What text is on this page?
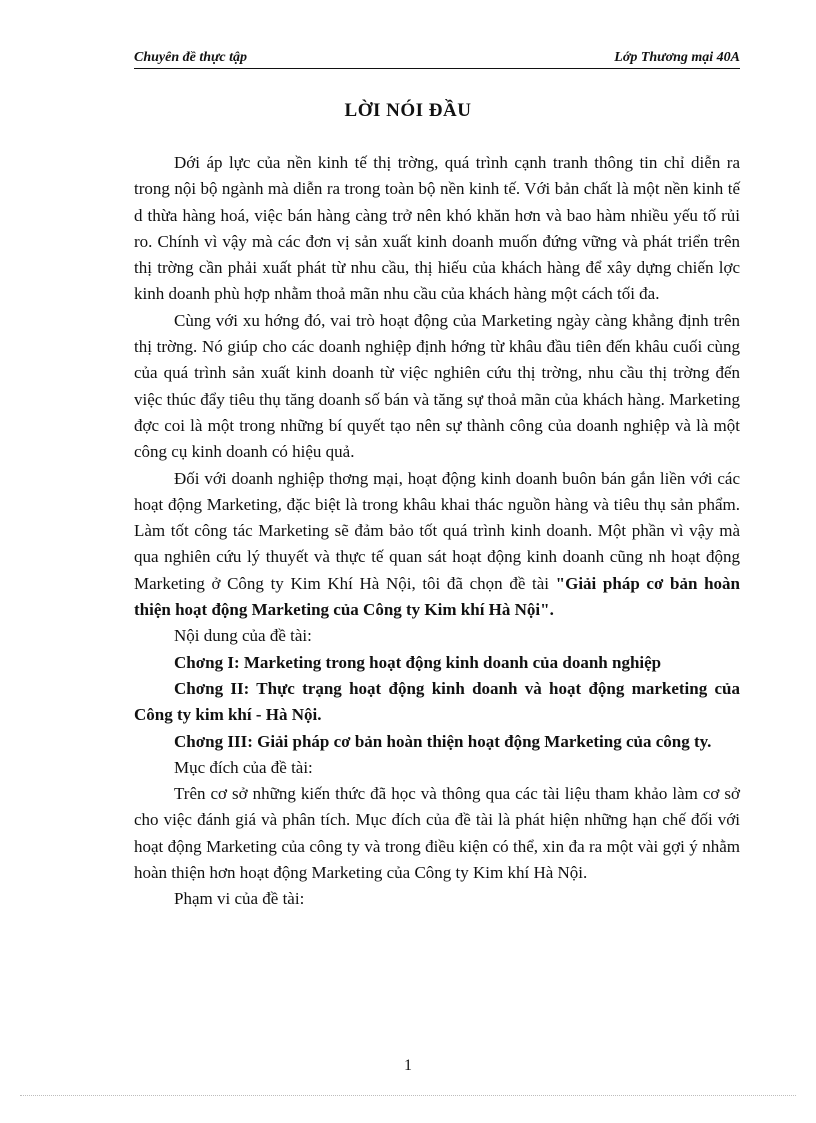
Chuyên đề thực tập	Lớp Thương mại 40A
LỜI NÓI ĐẦU

Dới áp lực của nền kinh tế thị trờng, quá trình cạnh tranh thông tin chỉ diễn ra trong nội bộ ngành mà diễn ra trong toàn bộ nền kinh tế. Với bản chất là một nền kinh tế d thừa hàng hoá, việc bán hàng càng trở nên khó khăn hơn và bao hàm nhiều yếu tố rủi ro. Chính vì vậy mà các đơn vị sản xuất kinh doanh muốn đứng vững và phát triển trên thị trờng cần phải xuất phát từ nhu cầu, thị hiếu của khách hàng để xây dựng chiến lợc kinh doanh phù hợp nhằm thoả mãn nhu cầu của khách hàng một cách tối đa.

Cùng với xu hớng đó, vai trò hoạt động của Marketing ngày càng khẳng định trên thị trờng. Nó giúp cho các doanh nghiệp định hớng từ khâu đầu tiên đến khâu cuối cùng của quá trình sản xuất kinh doanh từ việc nghiên cứu thị trờng, nhu cầu thị trờng đến việc thúc đẩy tiêu thụ tăng doanh số bán và tăng sự thoả mãn của khách hàng. Marketing đợc coi là một trong những bí quyết tạo nên sự thành công của doanh nghiệp và là một công cụ kinh doanh có hiệu quả.

Đối với doanh nghiệp thơng mại, hoạt động kinh doanh buôn bán gắn liền với các hoạt động Marketing, đặc biệt là trong khâu khai thác nguồn hàng và tiêu thụ sản phẩm. Làm tốt công tác Marketing sẽ đảm bảo tốt quá trình kinh doanh. Một phần vì vậy mà qua nghiên cứu lý thuyết và thực tế quan sát hoạt động kinh doanh cũng nh hoạt động Marketing ở Công ty Kim Khí Hà Nội, tôi đã chọn đề tài "Giải pháp cơ bản hoàn thiện hoạt động Marketing của Công ty Kim khí Hà Nội".

Nội dung của đề tài:

Chơng I: Marketing trong hoạt động kinh doanh của doanh nghiệp

Chơng II: Thực trạng hoạt động kinh doanh và hoạt động marketing của Công ty kim khí - Hà Nội.

Chơng III: Giải pháp cơ bản hoàn thiện hoạt động Marketing của công ty.

Mục đích của đề tài:

Trên cơ sở những kiến thức đã học và thông qua các tài liệu tham khảo làm cơ sở cho việc đánh giá và phân tích. Mục đích của đề tài là phát hiện những hạn chế đối với hoạt động Marketing của công ty và trong điều kiện có thể, xin đa ra một vài gợi ý nhằm hoàn thiện hơn hoạt động Marketing của Công ty Kim khí Hà Nội.

Phạm vi của đề tài:

1
